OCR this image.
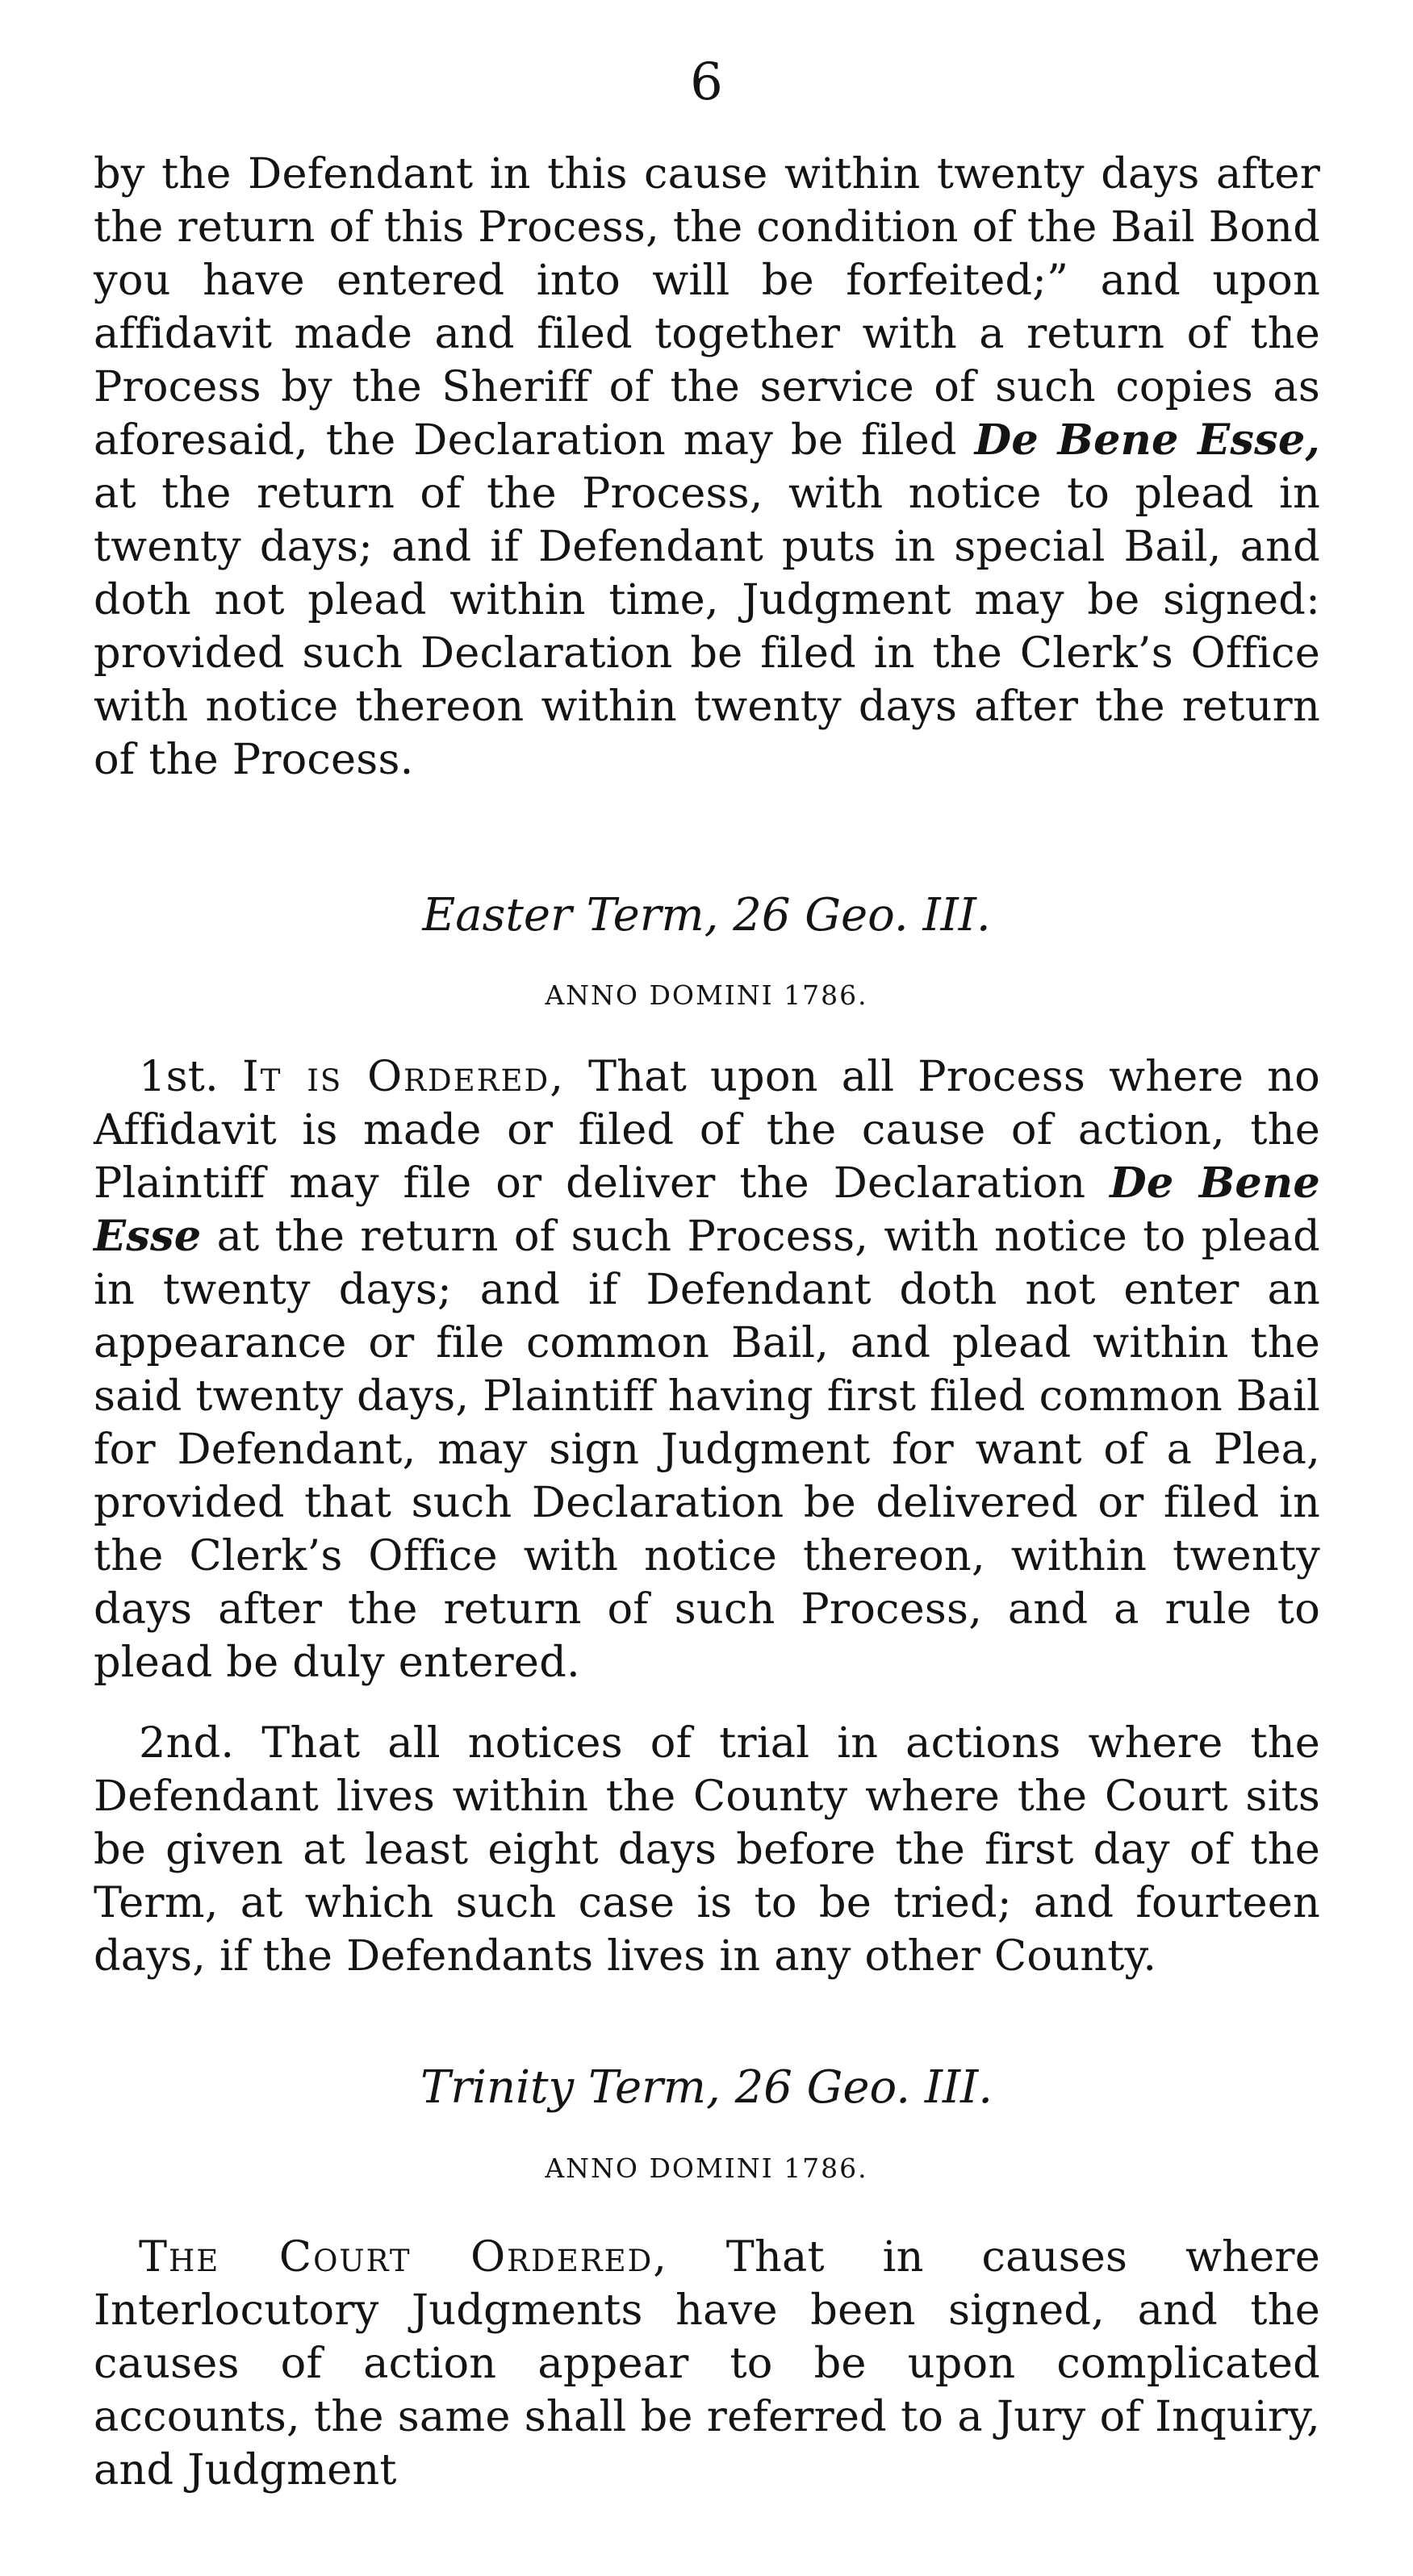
6

by the Defendant in this cause within twenty days after the return of this Process, the condition of the Bail Bond you have entered into will be forfeited;” and upon affidavit made and filed together with a return of the Process by the Sheriff of the service of such copies as aforesaid, the Declaration may be filed De Bene Esse, at the return of the Process, with notice to plead in twenty days; and if Defendant puts in special Bail, and doth not plead within time, Judgment may be signed: provided such Declaration be filed in the Clerk’s Office with notice thereon within twenty days after the return of the Process.

Easter Term, 26 Geo. III.
ANNO DOMINI 1786.

1st. It is Ordered, That upon all Process where no Affidavit is made or filed of the cause of action, the Plaintiff may file or deliver the Declaration De Bene Esse at the return of such Process, with notice to plead in twenty days; and if Defendant doth not enter an appearance or file common Bail, and plead within the said twenty days, Plaintiff having first filed common Bail for Defendant, may sign Judgment for want of a Plea, provided that such Declaration be delivered or filed in the Clerk’s Office with notice thereon, within twenty days after the return of such Process, and a rule to plead be duly entered.

2nd. That all notices of trial in actions where the Defendant lives within the County where the Court sits be given at least eight days before the first day of the Term, at which such case is to be tried; and fourteen days, if the Defendants lives in any other County.

Trinity Term, 26 Geo. III.
ANNO DOMINI 1786.

The Court Ordered, That in causes where Interlocutory Judgments have been signed, and the causes of action appear to be upon complicated accounts, the same shall be referred to a Jury of Inquiry, and Judgment
